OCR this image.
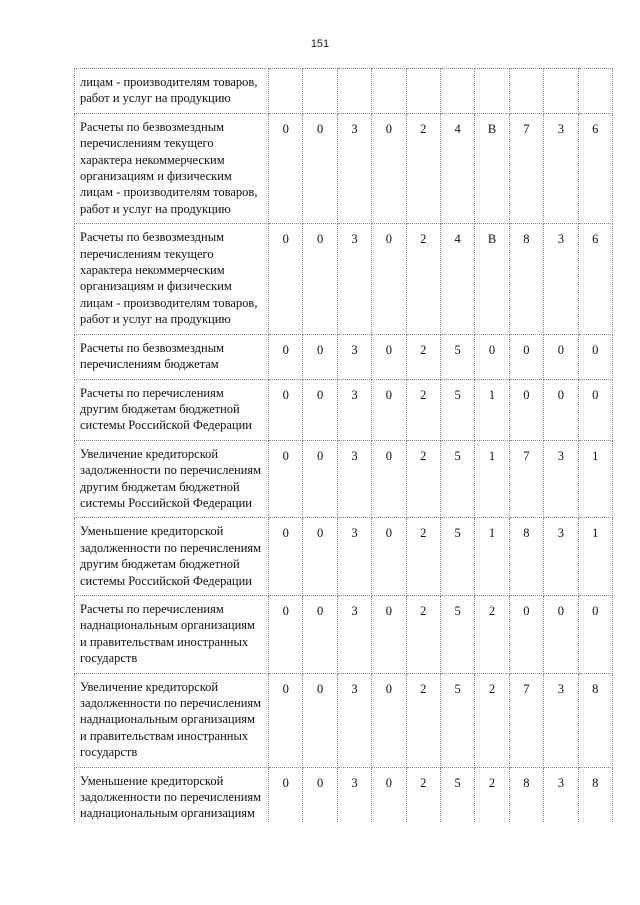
151
лицам - производителям товаров, работ и услуг на продукцию										
Расчеты по безвозмездным перечислениям текущего характера некоммерческим организациям и физическим лицам - производителям товаров, работ и услуг на продукцию	0	0	3	0	2	4	В	7	3	6
Расчеты по безвозмездным перечислениям текущего характера некоммерческим организациям и физическим лицам - производителям товаров, работ и услуг на продукцию	0	0	3	0	2	4	В	8	3	6
Расчеты по безвозмездным перечислениям бюджетам	0	0	3	0	2	5	0	0	0	0
Расчеты по перечислениям другим бюджетам бюджетной системы Российской Федерации	0	0	3	0	2	5	1	0	0	0
Увеличение кредиторской задолженности по перечислениям другим бюджетам бюджетной системы Российской Федерации	0	0	3	0	2	5	1	7	3	1
Уменьшение кредиторской задолженности по перечислениям другим бюджетам бюджетной системы Российской Федерации	0	0	3	0	2	5	1	8	3	1
Расчеты по перечислениям наднациональным организациям и правительствам иностранных государств	0	0	3	0	2	5	2	0	0	0
Увеличение кредиторской задолженности по перечислениям наднациональным организациям и правительствам иностранных государств	0	0	3	0	2	5	2	7	3	8
Уменьшение кредиторской задолженности по перечислениям наднациональным организациям	0	0	3	0	2	5	2	8	3	8
